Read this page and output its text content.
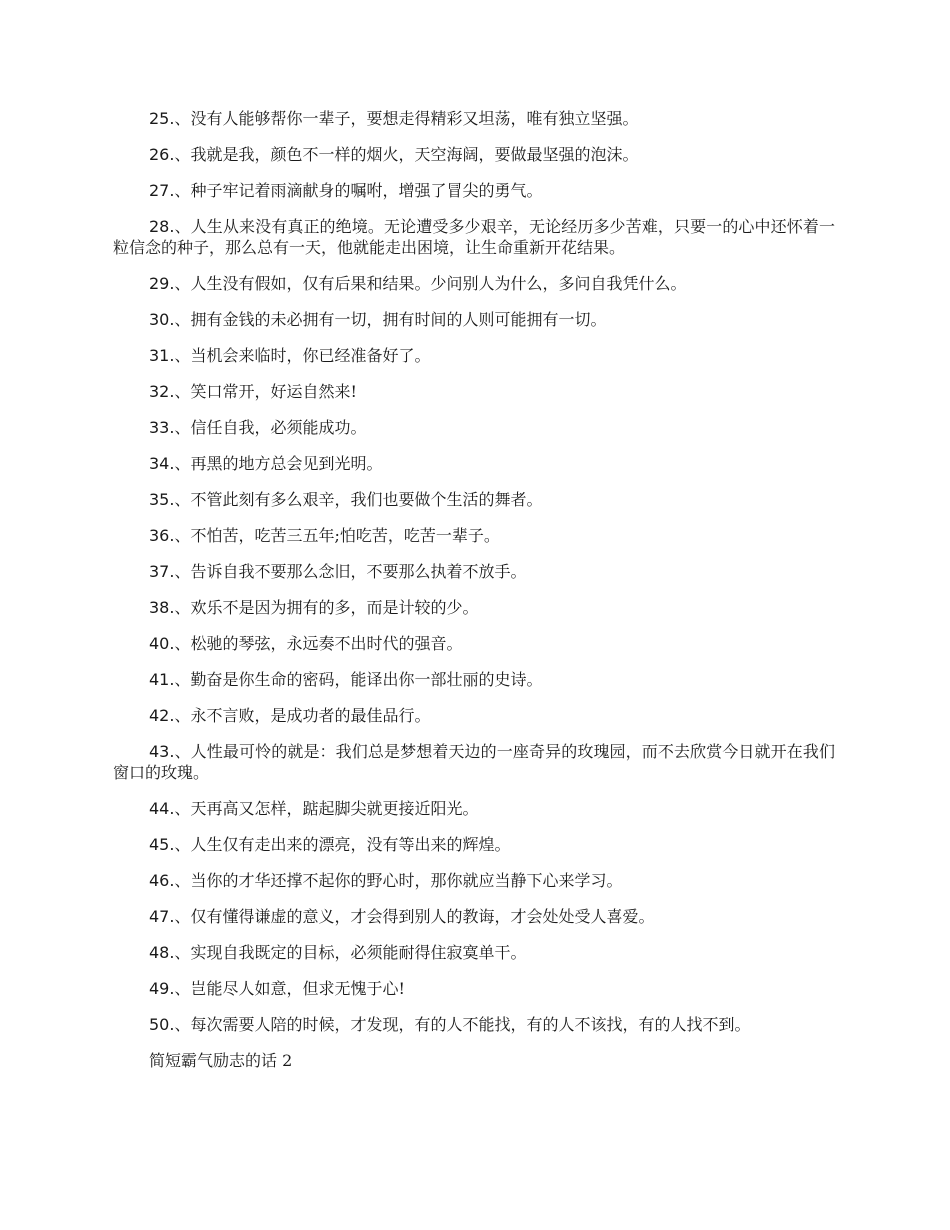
25.、没有人能够帮你一辈子，要想走得精彩又坦荡，唯有独立坚强。

26.、我就是我，颜色不一样的烟火，天空海阔，要做最坚强的泡沫。

27.、种子牢记着雨滴献身的嘱咐，增强了冒尖的勇气。

28.、人生从来没有真正的绝境。无论遭受多少艰辛，无论经历多少苦难，只要一的心中还怀着一粒信念的种子，那么总有一天，他就能走出困境，让生命重新开花结果。

29.、人生没有假如，仅有后果和结果。少问别人为什么，多问自我凭什么。

30.、拥有金钱的未必拥有一切，拥有时间的人则可能拥有一切。

31.、当机会来临时，你已经准备好了。

32.、笑口常开，好运自然来!

33.、信任自我，必须能成功。

34.、再黑的地方总会见到光明。

35.、不管此刻有多么艰辛，我们也要做个生活的舞者。

36.、不怕苦，吃苦三五年;怕吃苦，吃苦一辈子。

37.、告诉自我不要那么念旧，不要那么执着不放手。

38.、欢乐不是因为拥有的多，而是计较的少。

40.、松驰的琴弦，永远奏不出时代的强音。

41.、勤奋是你生命的密码，能译出你一部壮丽的史诗。

42.、永不言败，是成功者的最佳品行。

43.、人性最可怜的就是：我们总是梦想着天边的一座奇异的玫瑰园，而不去欣赏今日就开在我们窗口的玫瑰。

44.、天再高又怎样，踮起脚尖就更接近阳光。

45.、人生仅有走出来的漂亮，没有等出来的辉煌。

46.、当你的才华还撑不起你的野心时，那你就应当静下心来学习。

47.、仅有懂得谦虚的意义，才会得到别人的教诲，才会处处受人喜爱。

48.、实现自我既定的目标，必须能耐得住寂寞单干。

49.、岂能尽人如意，但求无愧于心!

50.、每次需要人陪的时候，才发现，有的人不能找，有的人不该找，有的人找不到。

简短霸气励志的话 2
